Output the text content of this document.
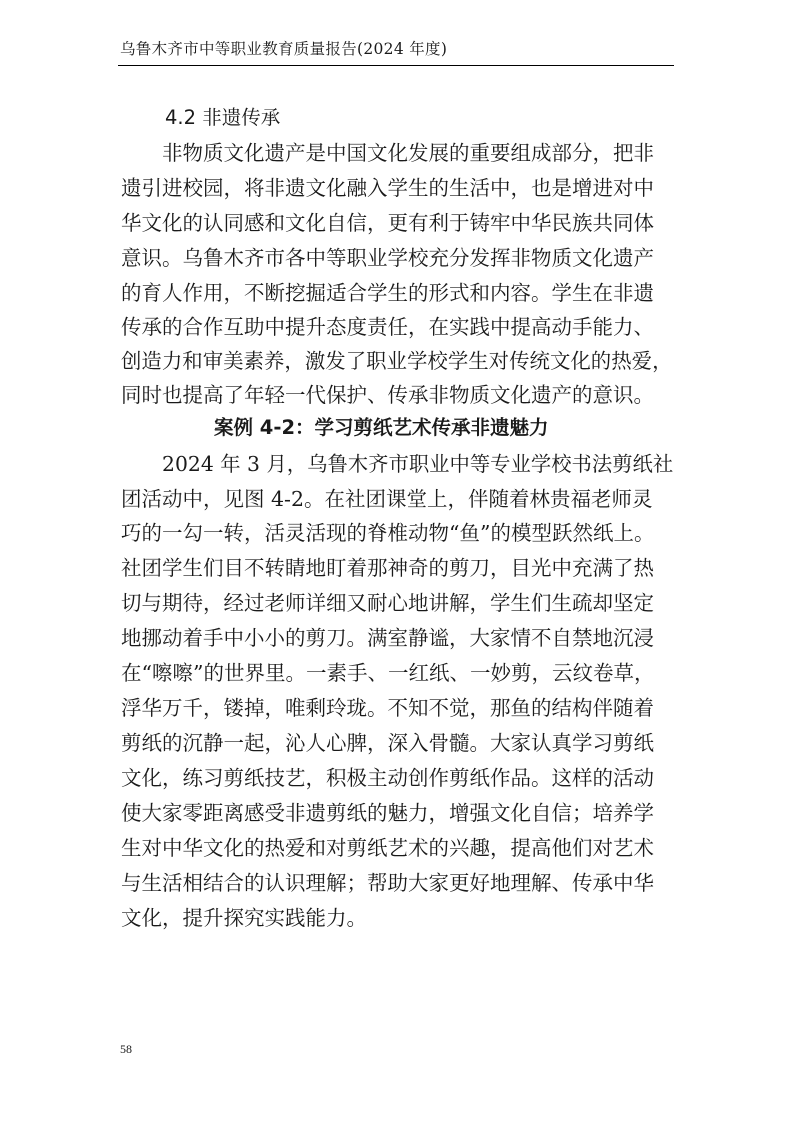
乌鲁木齐市中等职业教育质量报告(2024 年度)
4.2 非遗传承
非物质文化遗产是中国文化发展的重要组成部分，把非
遗引进校园，将非遗文化融入学生的生活中，也是增进对中
华文化的认同感和文化自信，更有利于铸牢中华民族共同体
意识。乌鲁木齐市各中等职业学校充分发挥非物质文化遗产
的育人作用，不断挖掘适合学生的形式和内容。学生在非遗
传承的合作互助中提升态度责任，在实践中提高动手能力、
创造力和审美素养，激发了职业学校学生对传统文化的热爱，
同时也提高了年轻一代保护、传承非物质文化遗产的意识。
案例 4-2：学习剪纸艺术传承非遗魅力
2024 年 3 月，乌鲁木齐市职业中等专业学校书法剪纸社
团活动中，见图 4-2。在社团课堂上，伴随着林贵福老师灵
巧的一勾一转，活灵活现的脊椎动物“鱼”的模型跃然纸上。
社团学生们目不转睛地盯着那神奇的剪刀，目光中充满了热
切与期待，经过老师详细又耐心地讲解，学生们生疏却坚定
地挪动着手中小小的剪刀。满室静谧，大家情不自禁地沉浸
在“嚓嚓”的世界里。一素手、一红纸、一妙剪，云纹卷草，
浮华万千，镂掉，唯剩玲珑。不知不觉，那鱼的结构伴随着
剪纸的沉静一起，沁人心脾，深入骨髓。大家认真学习剪纸
文化，练习剪纸技艺，积极主动创作剪纸作品。这样的活动
使大家零距离感受非遗剪纸的魅力，增强文化自信；培养学
生对中华文化的热爱和对剪纸艺术的兴趣，提高他们对艺术
与生活相结合的认识理解；帮助大家更好地理解、传承中华
文化，提升探究实践能力。
58
